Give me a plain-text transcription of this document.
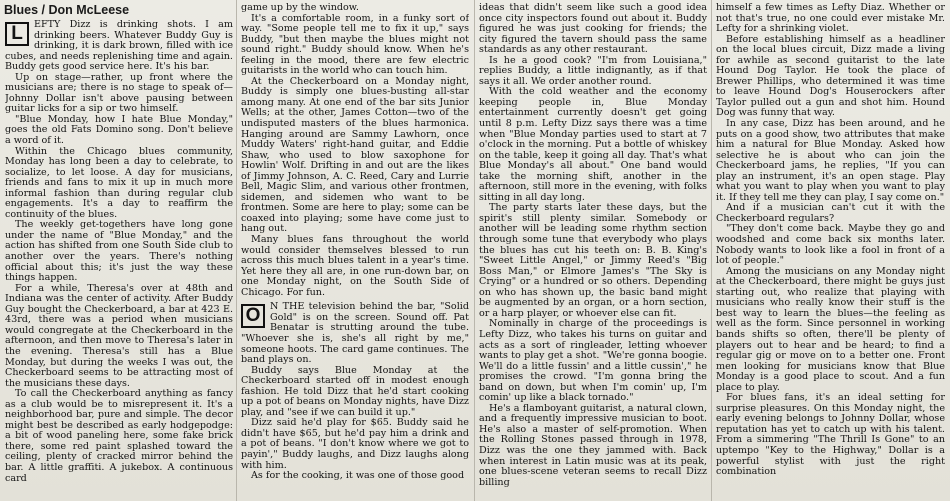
Blues / Don McLeese

L	EFTY Dizz is drinking shots. I am drinking beers. Whatever Buddy Guy is drinking, it is dark brown, filled with ice cubes, and needs replenishing time and again. Buddy gets good service here. It's his bar.

Up on stage—rather, up front where the musicians are; there is no stage to speak of—Johnny Dollar isn't above pausing between guitar licks for a sip or two himself.

"Blue Monday, how I hate Blue Monday," goes the old Fats Domino song. Don't believe a word of it.

Within the Chicago blues community, Monday has long been a day to celebrate, to socialize, to let loose. A day for musicians, friends and fans to mix it up in much more informal fashion than during regular club engagements. It's a day to reaffirm the continuity of the blues.

The weekly get-togethers have long gone under the name of "Blue Monday," and the action has shifted from one South Side club to another over the years. There's nothing official about this; it's just the way these things happen.

For a while, Theresa's over at 48th and Indiana was the center of activity. After Buddy Guy bought the Checkerboard, a bar at 423 E. 43rd, there was a period when musicians would congregate at the Checkerboard in the afternoon, and then move to Theresa's later in the evening. Theresa's still has a Blue Monday, but during the weeks I was out, the Checkerboard seems to be attracting most of the musicians these days.

To call the Checkerboard anything as fancy as a club would be to misrepresent it. It's a neighborhood bar, pure and simple. The decor might best be described as early hodgepodge: a bit of wood paneling here, some fake brick there, some red paint splashed toward the ceiling, plenty of cracked mirror behind the bar. A little graffiti. A jukebox. A continuous card

game up by the window.

It's a comfortable room, in a funky sort of way. "Some people tell me to fix it up," says Buddy, "but then maybe the blues might not sound right." Buddy should know. When he's feeling in the mood, there are few electric guitarists in the world who can touch him.

At the Checkerboard on a Monday night, Buddy is simply one blues-busting all-star among many. At one end of the bar sits Junior Wells; at the other, James Cotton—two of the undisputed masters of the blues harmonica. Hanging around are Sammy Lawhorn, once Muddy Waters' right-hand guitar, and Eddie Shaw, who used to blow saxophone for Howlin' Wolf. Drifting in and out are the likes of Jimmy Johnson, A. C. Reed, Cary and Lurrie Bell, Magic Slim, and various other frontmen, sidemen, and sidemen who want to be frontmen. Some are here to play; some can be coaxed into playing; some have come just to hang out.

Many blues fans throughout the world would consider themselves blessed to run across this much blues talent in a year's time. Yet here they all are, in one run-down bar, on one Monday night, on the South Side of Chicago. For fun.

O	N THE television behind the bar, "Solid Gold" is on the screen. Sound off. Pat Benatar is strutting around the tube. "Whoever she is, she's all right by me," someone hoots. The card game continues. The band plays on.

Buddy says Blue Monday at the Checkerboard started off in modest enough fashion. He told Dizz that he'd start cooking up a pot of beans on Monday nights, have Dizz play, and "see if we can build it up."

Dizz said he'd play for $65. Buddy said he didn't have $65, but he'd pay him a drink and a pot of beans. "I don't know where we got to payin'," Buddy laughs, and Dizz laughs along with him.

As for the cooking, it was one of those good

ideas that didn't seem like such a good idea once city inspectors found out about it. Buddy figured he was just cooking for friends; the city figured the tavern should pass the same standards as any other restaurant.

Is he a good cook? "I'm from Louisiana," replies Buddy, a little indignantly, as if that says it all. We order another round.

With the cold weather and the economy keeping people in, Blue Monday entertainment currently doesn't get going until 8 p.m. Lefty Dizz says there was a time when "Blue Monday parties used to start at 7 o'clock in the morning. Put a bottle of whiskey on the table, keep it going all day. That's what Blue Monday's all about." One band would take the morning shift, another in the afternoon, still more in the evening, with folks sitting in all day long.

The party starts later these days, but the spirit's still plenty similar. Somebody or another will be leading some rhythm section through some tune that everybody who plays the blues has cut his teeth on: B. B. King's "Sweet Little Angel," or Jimmy Reed's "Big Boss Man," or Elmore James's "The Sky is Crying" or a hundred or so others. Depending on who has shown up, the basic band might be augmented by an organ, or a horn section, or a harp player, or whoever else can fit.

Nominally in charge of the proceedings is Lefty Dizz, who takes his turns on guitar and acts as a sort of ringleader, letting whoever wants to play get a shot. "We're gonna boogie. We'll do a little fussin' and a little cussin'," he promises the crowd. "I'm gonna bring the band on down, but when I'm comin' up, I'm comin' up like a black tornado."

He's a flamboyant guitarist, a natural clown, and a frequently impressive musician to boot. He's also a master of self-promotion. When the Rolling Stones passed through in 1978, Dizz was the one they jammed with. Back when interest in Latin music was at its peak, one blues-scene veteran seems to recall Dizz billing

himself a few times as Lefty Diaz. Whether or not that's true, no one could ever mistake Mr. Lefty for a shrinking violet.

Before establishing himself as a headliner on the local blues circuit, Dizz made a living for awhile as second guitarist to the late Hound Dog Taylor. He took the place of Brewer Phillips, who determined it was time to leave Hound Dog's Houserockers after Taylor pulled out a gun and shot him. Hound Dog was funny that way.

In any case, Dizz has been around, and he puts on a good show, two attributes that make him a natural for Blue Monday. Asked how selective he is about who can join the Checkerboard jams, he replies, "If you can play an instrument, it's an open stage. Play what you want to play when you want to play it. If they tell me they can play, I say come on."

And if a musician can't cut it with the Checkerboard regulars?

"They don't come back. Maybe they go and woodshed and come back six months later. Nobody wants to look like a fool in front of a lot of people."

Among the musicians on any Monday night at the Checkerboard, there might be guys just starting out, who realize that playing with musicians who really know their stuff is the best way to learn the blues—the feeling as well as the form. Since personnel in working bands shifts so often, there'll be plenty of players out to hear and be heard; to find a regular gig or move on to a better one. Front men looking for musicians know that Blue Monday is a good place to scout. And a fun place to play.

For blues fans, it's an ideal setting for surprise pleasures. On this Monday night, the early evening belongs to Johnny Dollar, whose reputation has yet to catch up with his talent. From a simmering "The Thrill Is Gone" to an uptempo "Key to the Highway," Dollar is a powerful stylist with just the right combination
